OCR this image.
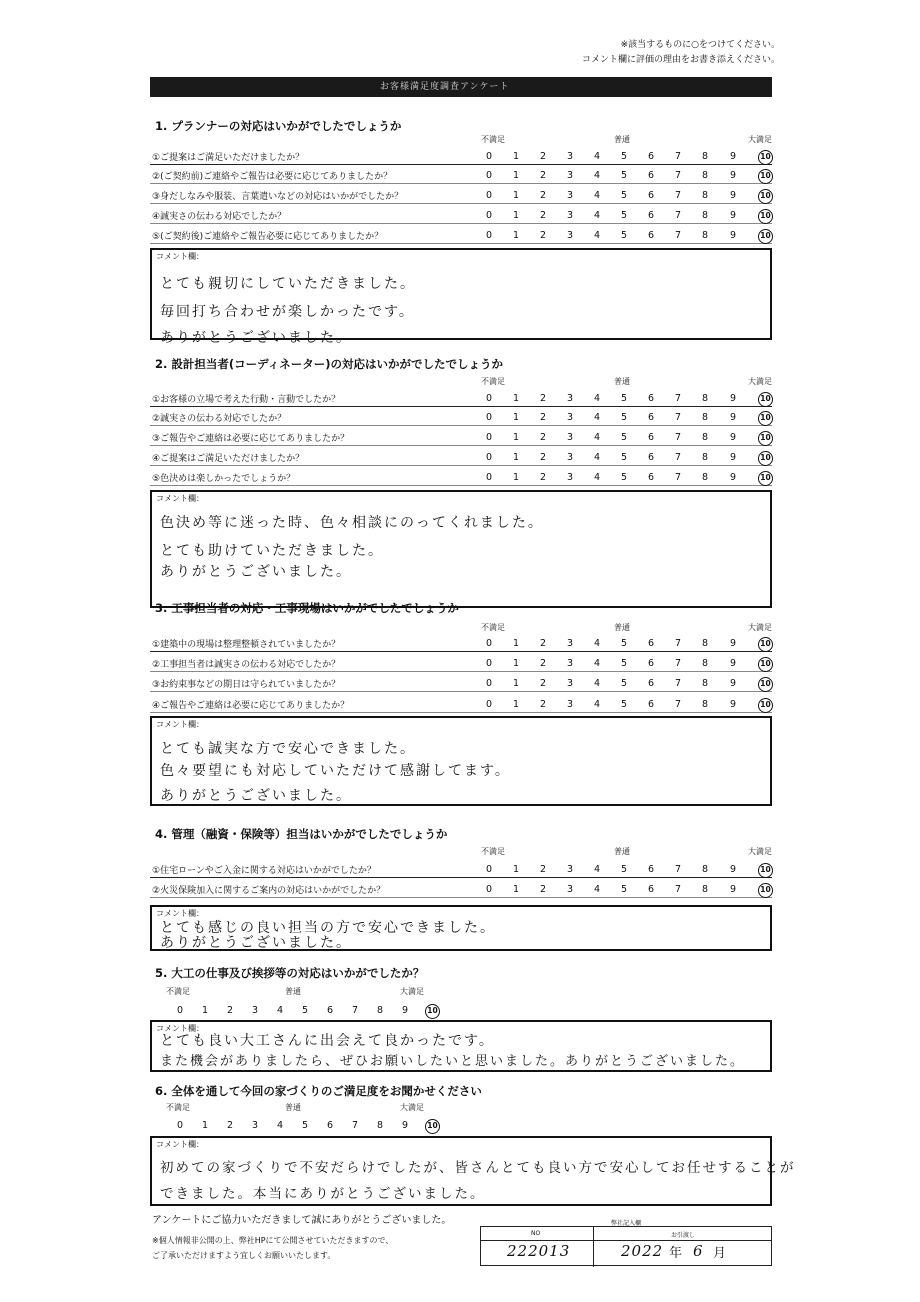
※該当するものに○をつけてください。
コメント欄に評価の理由をお書き添えください。
お客様満足度調査アンケート
1. プランナーの対応はいかがでしたでしょうか
不満足	普通	大満足
①ご提案はご満足いただけましたか？	0	1	2	3	4	5	6	7	8	9	10
②(ご契約前)ご連絡やご報告は必要に応じてありましたか？	0	1	2	3	4	5	6	7	8	9	10
③身だしなみや服装、言葉遣いなどの対応はいかがでしたか？	0	1	2	3	4	5	6	7	8	9	10
④誠実さの伝わる対応でしたか？	0	1	2	3	4	5	6	7	8	9	10
⑤(ご契約後)ご連絡やご報告必要に応じてありましたか？	0	1	2	3	4	5	6	7	8	9	10
コメント欄：
とても親切にしていただきました。
毎回打ち合わせが楽しかったです。
ありがとうございました。
2. 設計担当者(コーディネーター)の対応はいかがでしたでしょうか
不満足	普通	大満足
①お客様の立場で考えた行動・言動でしたか？	0	1	2	3	4	5	6	7	8	9	10
②誠実さの伝わる対応でしたか？	0	1	2	3	4	5	6	7	8	9	10
③ご報告やご連絡は必要に応じてありましたか？	0	1	2	3	4	5	6	7	8	9	10
④ご提案はご満足いただけましたか？	0	1	2	3	4	5	6	7	8	9	10
⑤色決めは楽しかったでしょうか？	0	1	2	3	4	5	6	7	8	9	10
コメント欄：
色決め等に迷った時、色々相談にのってくれました。
とても助けていただきました。
ありがとうございました。
3. 工事担当者の対応・工事現場はいかがでしたでしょうか
不満足	普通	大満足
①建築中の現場は整理整頓されていましたか？	0	1	2	3	4	5	6	7	8	9	10
②工事担当者は誠実さの伝わる対応でしたか？	0	1	2	3	4	5	6	7	8	9	10
③お約束事などの期日は守られていましたか？	0	1	2	3	4	5	6	7	8	9	10
④ご報告やご連絡は必要に応じてありましたか？	0	1	2	3	4	5	6	7	8	9	10
コメント欄：
とても誠実な方で安心できました。
色々要望にも対応していただけて感謝してます。
ありがとうございました。
4. 管理（融資・保険等）担当はいかがでしたでしょうか
不満足	普通	大満足
①住宅ローンやご入金に関する対応はいかがでしたか？	0	1	2	3	4	5	6	7	8	9	10
②火災保険加入に関するご案内の対応はいかがでしたか？	0	1	2	3	4	5	6	7	8	9	10
コメント欄：
とても感じの良い担当の方で安心できました。
ありがとうございました。
5. 大工の仕事及び挨拶等の対応はいかがでしたか？
不満足	普通	大満足
0	1	2	3	4	5	6	7	8	9	10
コメント欄：
とても良い大工さんに出会えて良かったです。
また機会がありましたら、ぜひお願いしたいと思いました。ありがとうございました。
6. 全体を通して今回の家づくりのご満足度をお聞かせください
不満足	普通	大満足
0	1	2	3	4	5	6	7	8	9	10
コメント欄：
初めての家づくりで不安だらけでしたが、皆さんとても良い方で安心してお任せすることが
できました。本当にありがとうございました。
アンケートにご協力いただきまして誠にありがとうございました。
※個人情報非公開の上、弊社HPにて公開させていただきますので、
ご了承いただけますよう宜しくお願いいたします。
弊社記入欄
NO	お引渡し
222013	2022 年 6 月
